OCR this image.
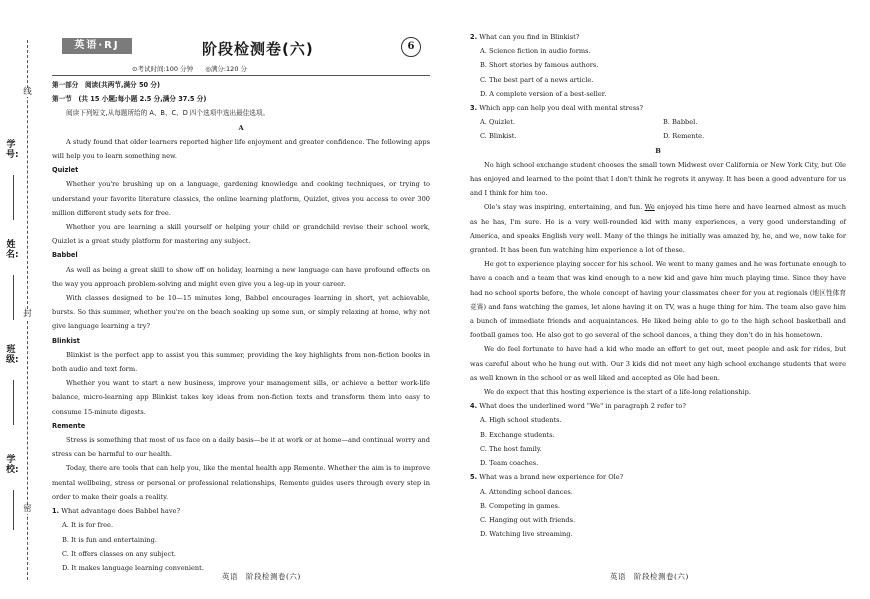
线
封
密
学号:
姓名:
班级:
学校:
英语·RJ	阶段检测卷(六)	6
⊙考试时间:100 分钟 ◎满分:120 分

第一部分　阅读(共两节,满分 50 分)

第一节　(共 15 小题;每小题 2.5 分,满分 37.5 分)

阅读下列短文,从每题所给的 A、B、C、D 四个选项中选出最佳选项。

A

A study found that older learners reported higher life enjoyment and greater confidence. The following apps will help you to learn something new.

Quizlet

Whether you're brushing up on a language, gardening knowledge and cooking techniques, or trying to understand your favorite literature classics, the online learning platform, Quizlet, gives you access to over 300 million different study sets for free.

Whether you are learning a skill yourself or helping your child or grandchild revise their school work, Quizlet is a great study platform for mastering any subject.

Babbel

As well as being a great skill to show off on holiday, learning a new language can have profound effects on the way you approach problem-solving and might even give you a leg-up in your career.

With classes designed to be 10—15 minutes long, Babbel encourages learning in short, yet achievable, bursts. So this summer, whether you're on the beach soaking up some sun, or simply relaxing at home, why not give language learning a try?

Blinkist

Blinkist is the perfect app to assist you this summer, providing the key highlights from non-fiction books in both audio and text form.

Whether you want to start a new business, improve your management sills, or achieve a better work-life balance, micro-learning app Blinkist takes key ideas from non-fiction texts and transform them into easy to consume 15-minute digests.

Remente

Stress is something that most of us face on a daily basis—be it at work or at home—and continual worry and stress can be harmful to our health.

Today, there are tools that can help you, like the mental health app Remente. Whether the aim is to improve mental wellbeing, stress or personal or professional relationships, Remente guides users through every step in order to make their goals a reality.

1. What advantage does Babbel have?

A. It is for free.

B. It is fun and entertaining.

C. It offers classes on any subject.

D. It makes language learning convenient.

英语　阶段检测卷(六)

2. What can you find in Blinkist?

A. Science fiction in audio forms.

B. Short stories by famous authors.

C. The best part of a news article.

D. A complete version of a best-seller.

3. Which app can help you deal with mental stress?

A. Quizlet.	B. Babbel.
C. Blinkist.	D. Remente.

B

No high school exchange student chooses the small town Midwest over California or New York City, but Ole has enjoyed and learned to the point that I don't think he regrets it anyway. It has been a good adventure for us and I think for him too.

Ole's stay was inspiring, entertaining, and fun. We enjoyed his time here and have learned almost as much as he has, I'm sure. He is a very well-rounded kid with many experiences, a very good understanding of America, and speaks English very well. Many of the things he initially was amazed by, he, and we, now take for granted. It has been fun watching him experience a lot of these.

He got to experience playing soccer for his school. We went to many games and he was fortunate enough to have a coach and a team that was kind enough to a new kid and gave him much playing time. Since they have had no school sports before, the whole concept of having your classmates cheer for you at regionals (地区性体育竞赛) and fans watching the games, let alone having it on TV, was a huge thing for him. The team also gave him a bunch of immediate friends and acquaintances. He liked being able to go to the high school basketball and football games too. He also got to go several of the school dances, a thing they don't do in his hometown.

We do feel fortunate to have had a kid who made an effort to get out, meet people and ask for rides, but was careful about who he hung out with. Our 3 kids did not meet any high school exchange students that were as well known in the school or as well liked and accepted as Ole had been.

We do expect that this hosting experience is the start of a life-long relationship.

4. What does the underlined word "We" in paragraph 2 refer to?

A. High school students.

B. Exchange students.

C. The host family.

D. Team coaches.

5. What was a brand new experience for Ole?

A. Attending school dances.

B. Competing in games.

C. Hanging out with friends.

D. Watching live streaming.

英语　阶段检测卷(六)
